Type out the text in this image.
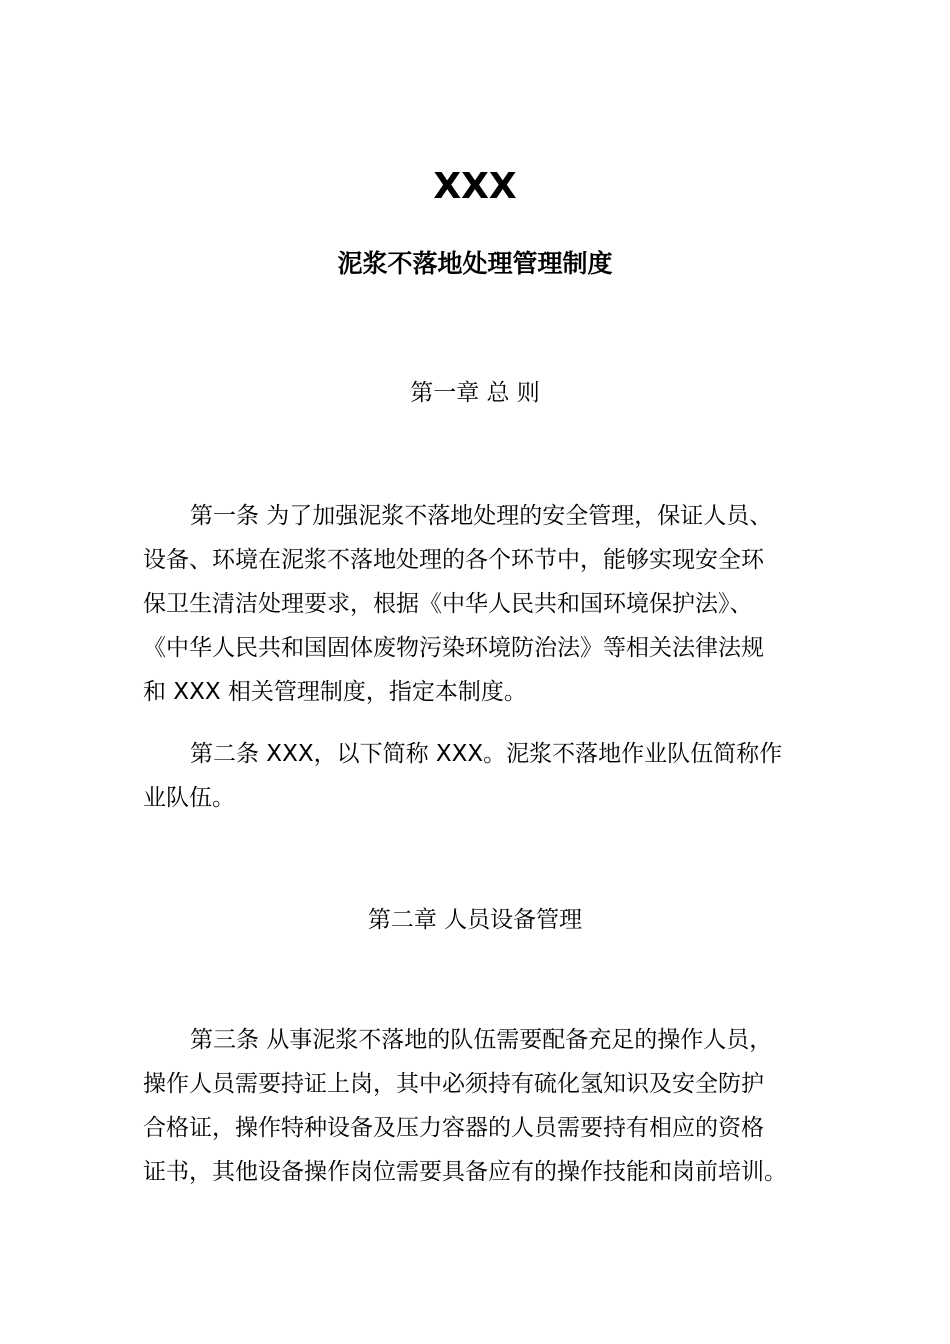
XXX
泥浆不落地处理管理制度
第一章 总 则
第一条 为了加强泥浆不落地处理的安全管理，保证人员、
设备、环境在泥浆不落地处理的各个环节中，能够实现安全环
保卫生清洁处理要求，根据《中华人民共和国环境保护法》、
《中华人民共和国固体废物污染环境防治法》等相关法律法规
和 XXX 相关管理制度，指定本制度。
第二条 XXX，以下简称 XXX。泥浆不落地作业队伍简称作
业队伍。
第二章 人员设备管理
第三条 从事泥浆不落地的队伍需要配备充足的操作人员，
操作人员需要持证上岗，其中必须持有硫化氢知识及安全防护
合格证，操作特种设备及压力容器的人员需要持有相应的资格
证书，其他设备操作岗位需要具备应有的操作技能和岗前培训。
